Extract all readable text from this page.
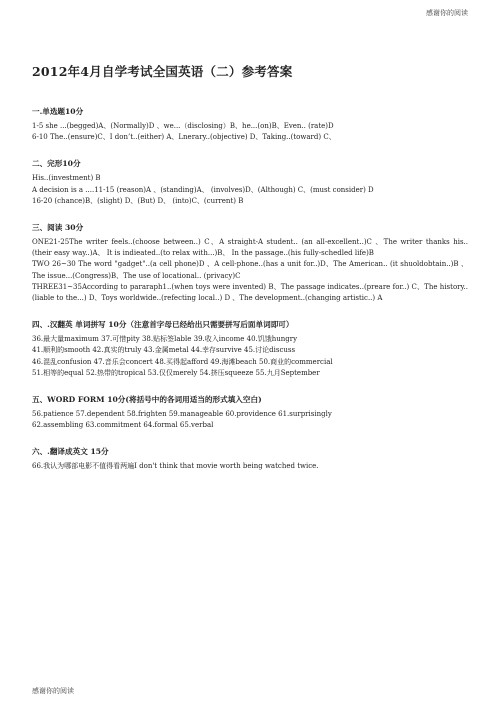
感谢你的阅读
2012年4月自学考试全国英语（二）参考答案

一.单选题10分

1-5 she ...(begged)A、(Normally)D 、we...（disclosing）B、he...(on)B、Even.. (rate)D

6-10 The..(ensure)C、I don’t..(either) A、Lnerary..(objective) D、Taking..(toward) C、

二、完形10分

His..(investment) B

A decision is a ....11-15 (reason)A 、(standing)A、 (involves)D、(Although) C、(must consider) D

16-20 (chance)B、(slight) D、(But) D、 (into)C、(current) B

三、阅读 30分

ONE21-25The writer feels..(choose between..) C、A straight-A student.. (an all-excellent..)C 、The writer thanks his..(their easy way..)A、 It is indieated..(to relax with...)B、 In the passage..(his fully-schedled life)B

TWO 26~30 The word "gadget"..(a cell phone)D 、A cell-phone..(has a unit for..)D、The American.. (it shuoldobtain..)B 、The issue...(Congress)B、The use of locational.. (privacy)C

THREE31~35According to pararaph1..(when toys were invented) B、The passage indicates..(preare for..) C、The history..(liable to the...) D、Toys worldwide..(refecting local..) D 、The development..(changing artistic..) A

四、.汉翻英 单词拼写 10分（注意首字母已经给出只需要拼写后面单词即可）

36.最大量maximum 37.可惜pity 38.贴标签lable 39.收入income 40.饥饿hungry

41.顺利的smooth 42.真实的truly 43.金属metal 44.幸存survive 45.讨论discuss

46.混乱confusion 47.音乐会concert 48.买得起afford 49.海滩beach 50.商业的commercial

51.相等的equal 52.热带的tropical 53.仅仅merely 54.挤压squeeze 55.九月September

五、WORD FORM 10分(将括号中的各词用适当的形式填入空白)

56.patience 57.dependent 58.frighten 59.manageable 60.providence 61.surprisingly

62.assembling 63.commitment 64.formal 65.verbal

六、.翻译成英文 15分

66.我认为哪部电影不值得看两遍I don't think that movie worth being watched twice.

感谢你的阅读
